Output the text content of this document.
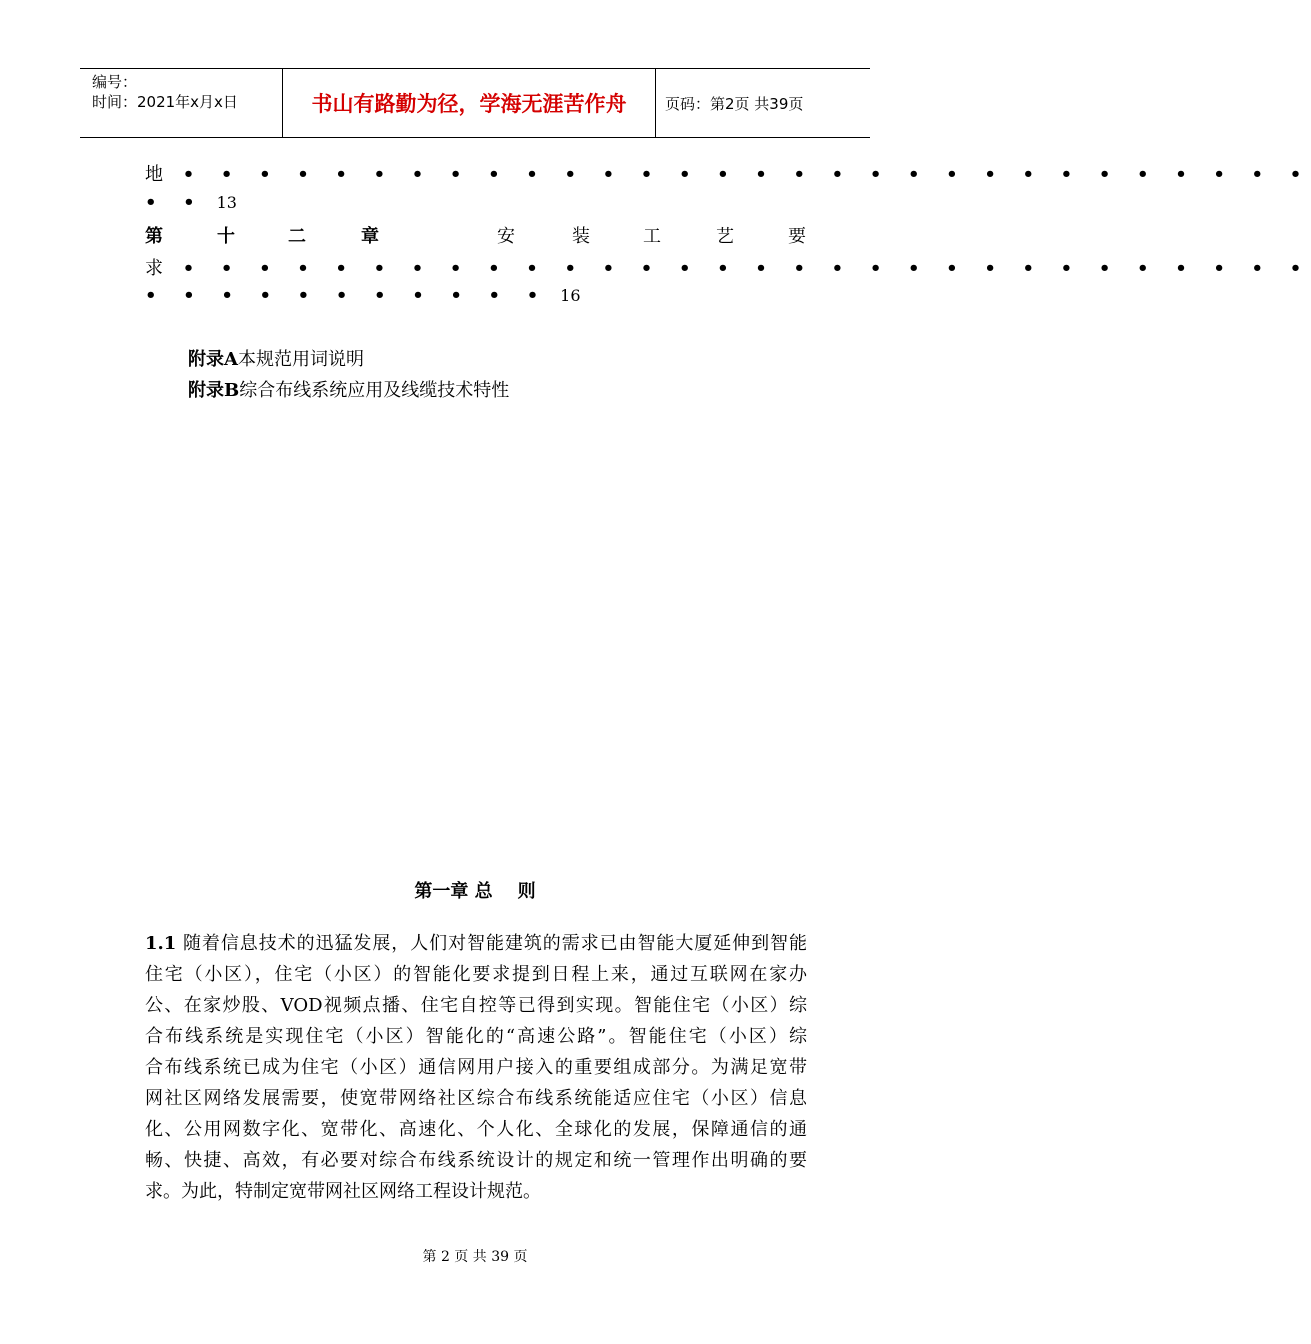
编号：
时间：2021年x月x日	书山有路勤为径，学海无涯苦作舟	页码：第2页 共39页
地 • • • • • • • • • • • • • • • • • • • • • • • • • • • • • •
• • 13
第	十	二	章	安	装	工	艺	要
求 • • • • • • • • • • • • • • • • • • • • • • • • • • • • • •
• • • • • • • • • • • 16
附录A本规范用词说明
附录B综合布线系统应用及线缆技术特性
第一章 总    则
1.1 随着信息技术的迅猛发展，人们对智能建筑的需求已由智能大厦延伸到智能
住宅（小区），住宅（小区）的智能化要求提到日程上来，通过互联网在家办
公、在家炒股、VOD视频点播、住宅自控等已得到实现。智能住宅（小区）综
合布线系统是实现住宅（小区）智能化的“高速公路”。智能住宅（小区）综
合布线系统已成为住宅（小区）通信网用户接入的重要组成部分。为满足宽带
网社区网络发展需要，使宽带网络社区综合布线系统能适应住宅（小区）信息
化、公用网数字化、宽带化、高速化、个人化、全球化的发展，保障通信的通
畅、快捷、高效，有必要对综合布线系统设计的规定和统一管理作出明确的要
求。为此，特制定宽带网社区网络工程设计规范。
第 2 页 共 39 页
